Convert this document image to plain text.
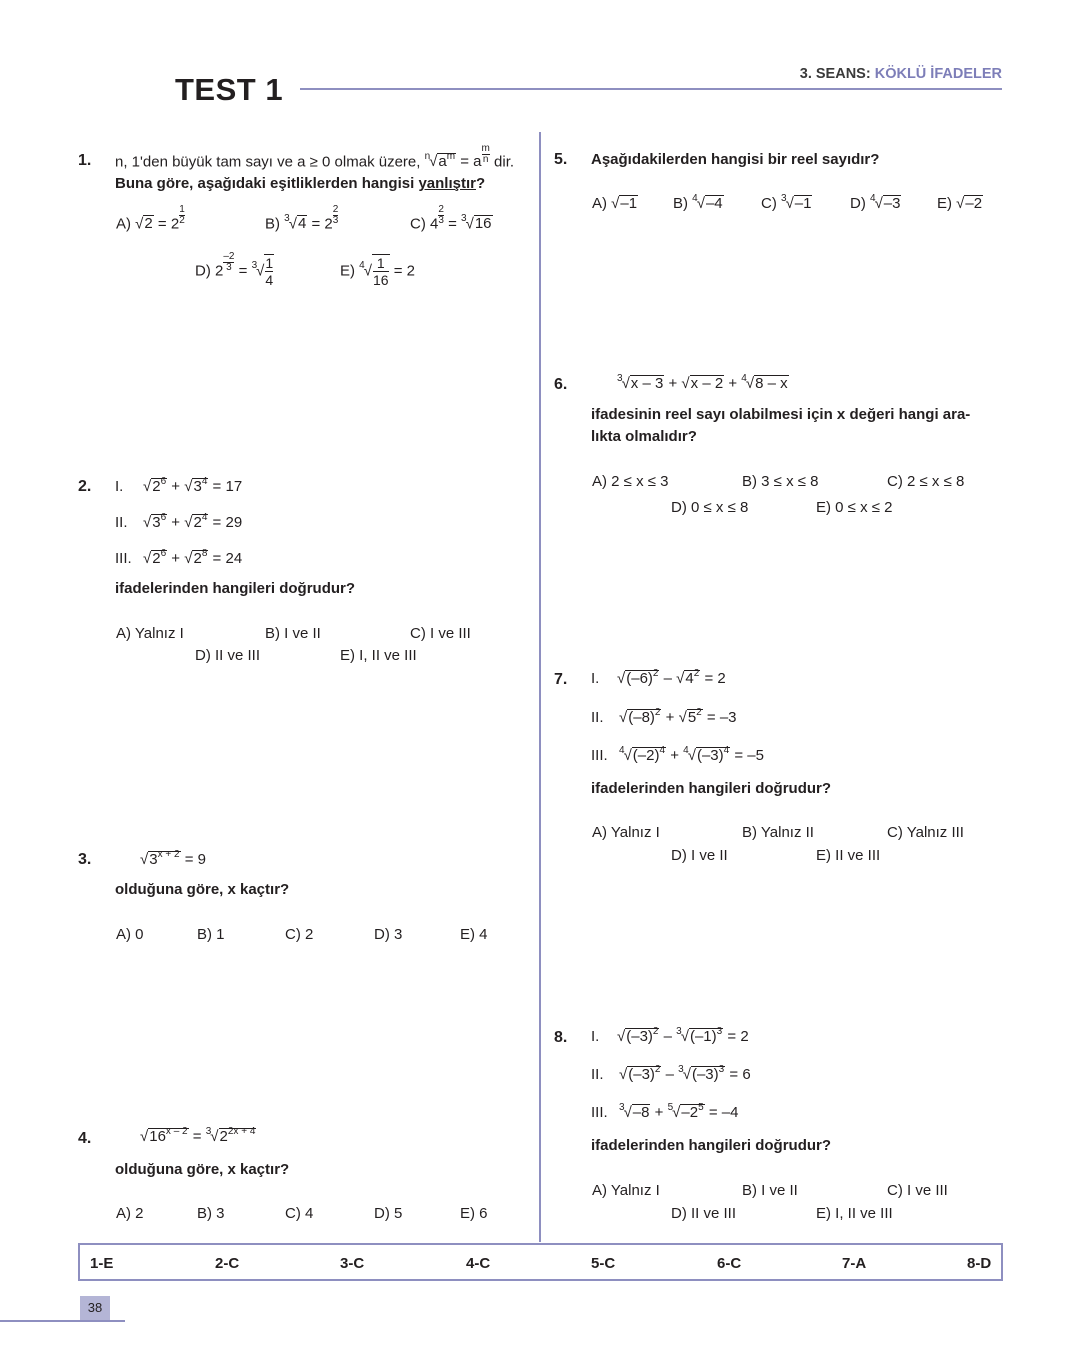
TEST 1	3. SEANS: KÖKLÜ İFADELER
1. n, 1'den büyük tam sayı ve a ≥ 0 olmak üzere, $^n√a^m = a \frac{m}{n}$ dir.
Buna göre, aşağıdaki eşitliklerden hangisi yanlıştır?
A) $√2 = 2 \frac{1}{2}$	B) $^3√4 = 2 \frac{2}{3}$	C) $4 \frac{2}{3} = ^3√16$
D) $2 \frac{-2}{3} = ^3√ \frac{1}{4}$	E) $^4√ \frac{1}{16} = 2$
2. I. $√2^6 + √3^4 = 17$
II. $√3^6 + √2^4 = 29$
III. $√2^6 + √2^8 = 24$
ifadelerinden hangileri doğrudur?
A) Yalnız I	B) I ve II	C) I ve III
D) II ve III	E) I, II ve III
3.	$√3^{x + 2} = 9$
olduğuna göre, x kaçtır?
A) 0	B) 1	C) 2	D) 3	E) 4
4.	$√16^{x - 2} = ^3√2^{2x + 4}$
olduğuna göre, x kaçtır?
A) 2	B) 3	C) 4	D) 5	E) 6
5. Aşağıdakilerden hangisi bir reel sayıdır?
A) √–1 B) $^4$√–4	C) $^3$√–1	D) $^4$√–3 E) √–2
6.	$^3$√x – 3 + √x – 2 + $^4$√8 – x
ifadesinin reel sayı olabilmesi için x değeri hangi ara-
lıkta olmalıdır?
A) 2 ≤ x ≤ 3	B) 3 ≤ x ≤ 8	C) 2 ≤ x ≤ 8
D) 0 ≤ x ≤ 8	E) 0 ≤ x ≤ 2
7. I. $√(-6)^2 - √4^2 = 2$
II. $√(-8)^2 + √5^2 = -3$
III. $^4√(-2)^4 + ^4√(-3)^4 = -5$
ifadelerinden hangileri doğrudur?
A) Yalnız I	B) Yalnız II	C) Yalnız III
D) I ve II	E) II ve III
8. I. $√(-3)^2 - ^3√(-1)^3 = 2$
II. $√(-3)^2 - ^3√(-3)^3 = 6$
III. $^3√-8 + ^5√-2^5 = -4$
ifadelerinden hangileri doğrudur?
A) Yalnız I	B) I ve II	C) I ve III
D) II ve III	E) I, II ve III
1-E	2-C	3-C	4-C	5-C	6-C	7-A	8-D
38
